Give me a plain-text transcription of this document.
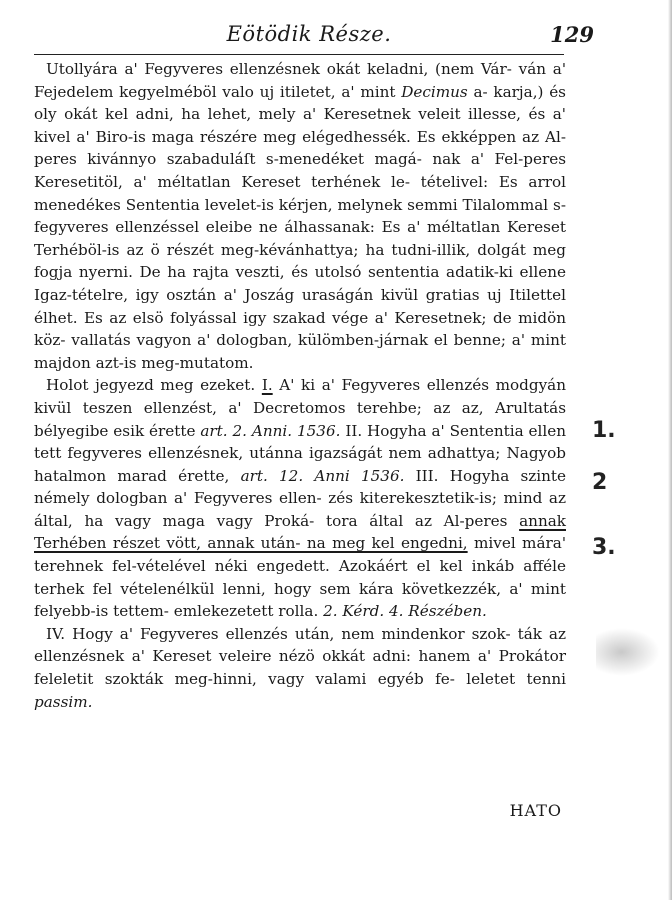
Eötödik Része.	129

Utollyára a' Fegyveres ellenzésnek okát keladni, (nem Vár- ván a' Fejedelem kegyelméböl valo uj itiletet, a' mint Decimus a- karja,) és oly okát kel adni, ha lehet, mely a' Keresetnek veleit illesse, és a' kivel a' Biro-is maga részére meg elégedhessék. Es ekképpen az Al-peres kivánnyo szabaduláſt s-menedéket magá- nak a' Fel-peres Keresetitöl, a' méltatlan Kereset terhének le- tételivel: Es arrol menedékes Sententia levelet-is kérjen, melynek semmi Tilalommal s-fegyveres ellenzéssel eleibe ne álhassanak: Es a' méltatlan Kereset Terhéböl-is az ö részét meg-kévánhattya; ha tudni-illik, dolgát meg fogja nyerni. De ha rajta veszti, és utolsó sententia adatik-ki ellene Igaz-tételre, igy osztán a' Joszág uraságán kivül gratias uj Itilettel élhet. Es az elsö folyással igy szakad vége a' Keresetnek; de midön köz- vallatás vagyon a' dologban, külömben-járnak el benne; a' mint majdon azt-is meg-mutatom.

Holot jegyezd meg ezeket. I. A' ki a' Fegyveres ellenzés modgyán kivül teszen ellenzést, a' Decretomos terehbe; az az, Arultatás bélyegibe esik érette art. 2. Anni. 1536. II. Hogyha a' Sententia ellen tett fegyveres ellenzésnek, utánna igazságát nem adhattya; Nagyob hatalmon marad érette, art. 12. Anni 1536. III. Hogyha szinte némely dologban a' Fegyveres ellen- zés kiterekesztetik-is; mind az által, ha vagy maga vagy Proká- tora által az Al-peres annak Terhében részet vött, annak után- na meg kel engedni, mivel mára' terehnek fel-vételével néki engedett. Azokáért el kel inkáb afféle terhek fel vételenélkül lenni, hogy sem kára következzék, a' mint felyebb-is tettem- emlekezetett rolla. 2. Kérd. 4. Részében.

IV. Hogy a' Fegyveres ellenzés után, nem mindenkor szok- ták az ellenzésnek a' Kereset veleire nézö okkát adni: hanem a' Prokátor feleletit szokták meg-hinni, vagy valami egyéb fe- leletet tenni passim.

HATO
1.
2
3.
